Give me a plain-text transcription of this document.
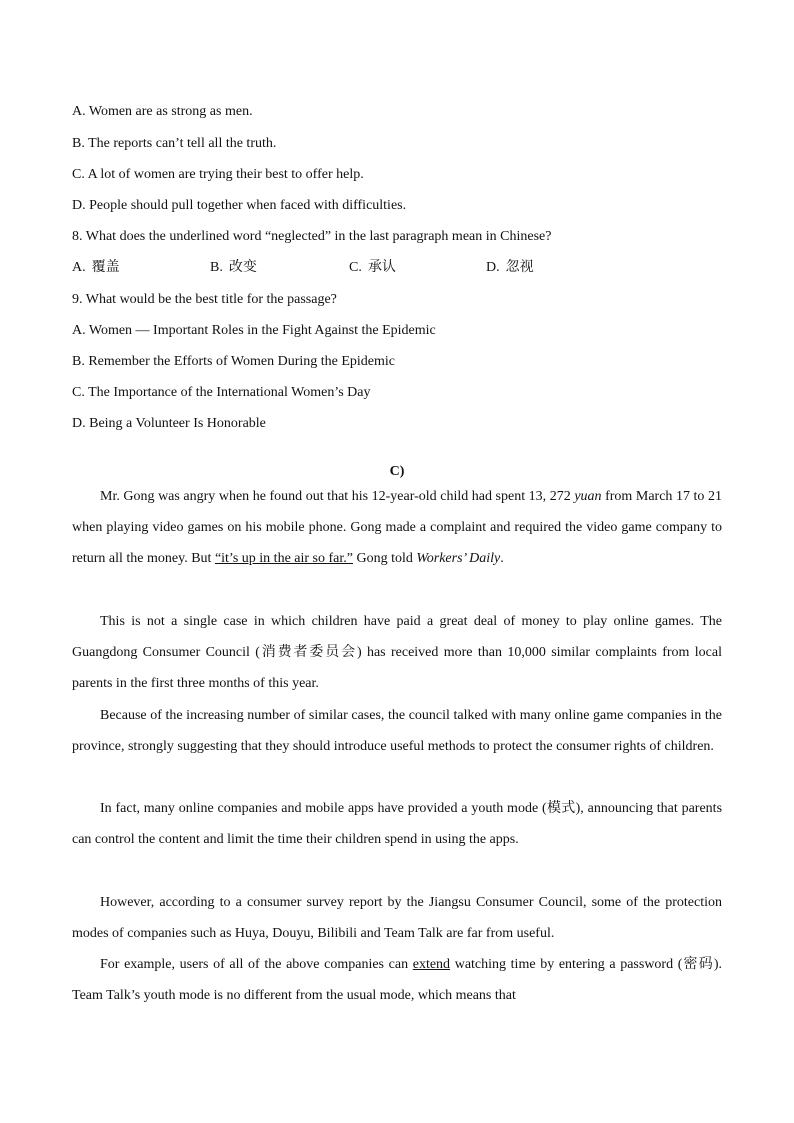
A. Women are as strong as men.
B. The reports can’t tell all the truth.
C. A lot of women are trying their best to offer help.
D. People should pull together when faced with difficulties.
8. What does the underlined word “neglected” in the last paragraph mean in Chinese?
A. 覆盖	B. 改变	C. 承认	D. 忽视
9. What would be the best title for the passage?
A. Women — Important Roles in the Fight Against the Epidemic
B. Remember the Efforts of Women During the Epidemic
C. The Importance of the International Women’s Day
D. Being a Volunteer Is Honorable
C)
Mr. Gong was angry when he found out that his 12-year-old child had spent 13, 272 yuan from March 17 to 21 when playing video games on his mobile phone. Gong made a complaint and required the video game company to return all the money. But “it’s up in the air so far.” Gong told Workers’ Daily.
This is not a single case in which children have paid a great deal of money to play online games. The Guangdong Consumer Council (消费者委员会) has received more than 10,000 similar complaints from local parents in the first three months of this year.
Because of the increasing number of similar cases, the council talked with many online game companies in the province, strongly suggesting that they should introduce useful methods to protect the consumer rights of children.
In fact, many online companies and mobile apps have provided a youth mode (模式), announcing that parents can control the content and limit the time their children spend in using the apps.
However, according to a consumer survey report by the Jiangsu Consumer Council, some of the protection modes of companies such as Huya, Douyu, Bilibili and Team Talk are far from useful.
For example, users of all of the above companies can extend watching time by entering a password (密码). Team Talk’s youth mode is no different from the usual mode, which means that
